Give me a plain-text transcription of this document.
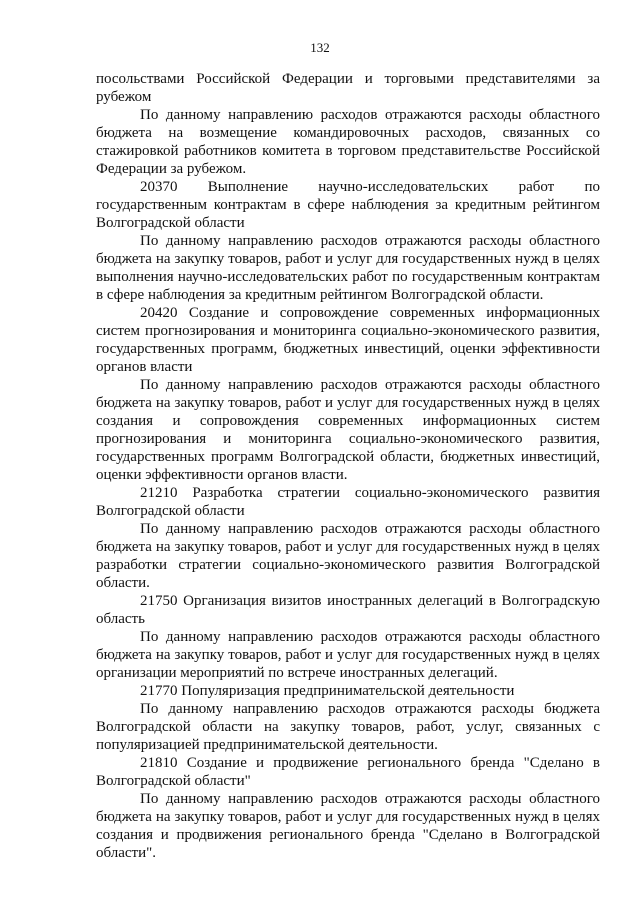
132

посольствами Российской Федерации и торговыми представителями за рубежом

По данному направлению расходов отражаются расходы областного бюджета на возмещение командировочных расходов, связанных со стажировкой работников комитета в торговом представительстве Российской Федерации за рубежом.

20370 Выполнение научно-исследовательских работ по государственным контрактам в сфере наблюдения за кредитным рейтингом Волгоградской области

По данному направлению расходов отражаются расходы областного бюджета на закупку товаров, работ и услуг для государственных нужд в целях выполнения научно-исследовательских работ по государственным контрактам в сфере наблюдения за кредитным рейтингом Волгоградской области.

20420 Создание и сопровождение современных информационных систем прогнозирования и мониторинга социально-экономического развития, государственных программ, бюджетных инвестиций, оценки эффективности органов власти

По данному направлению расходов отражаются расходы областного бюджета на закупку товаров, работ и услуг для государственных нужд в целях создания и сопровождения современных информационных систем прогнозирования и мониторинга социально-экономического развития, государственных программ Волгоградской области, бюджетных инвестиций, оценки эффективности органов власти.

21210 Разработка стратегии социально-экономического развития Волгоградской области

По данному направлению расходов отражаются расходы областного бюджета на закупку товаров, работ и услуг для государственных нужд в целях разработки стратегии социально-экономического развития Волгоградской области.

21750 Организация визитов иностранных делегаций в Волгоградскую область

По данному направлению расходов отражаются расходы областного бюджета на закупку товаров, работ и услуг для государственных нужд в целях организации мероприятий по встрече иностранных делегаций.

21770 Популяризация предпринимательской деятельности

По данному направлению расходов отражаются расходы бюджета Волгоградской области на закупку товаров, работ, услуг, связанных с популяризацией предпринимательской деятельности.

21810 Создание и продвижение регионального бренда "Сделано в Волгоградской области"

По данному направлению расходов отражаются расходы областного бюджета на закупку товаров, работ и услуг для государственных нужд в целях создания и продвижения регионального бренда "Сделано в Волгоградской области".
